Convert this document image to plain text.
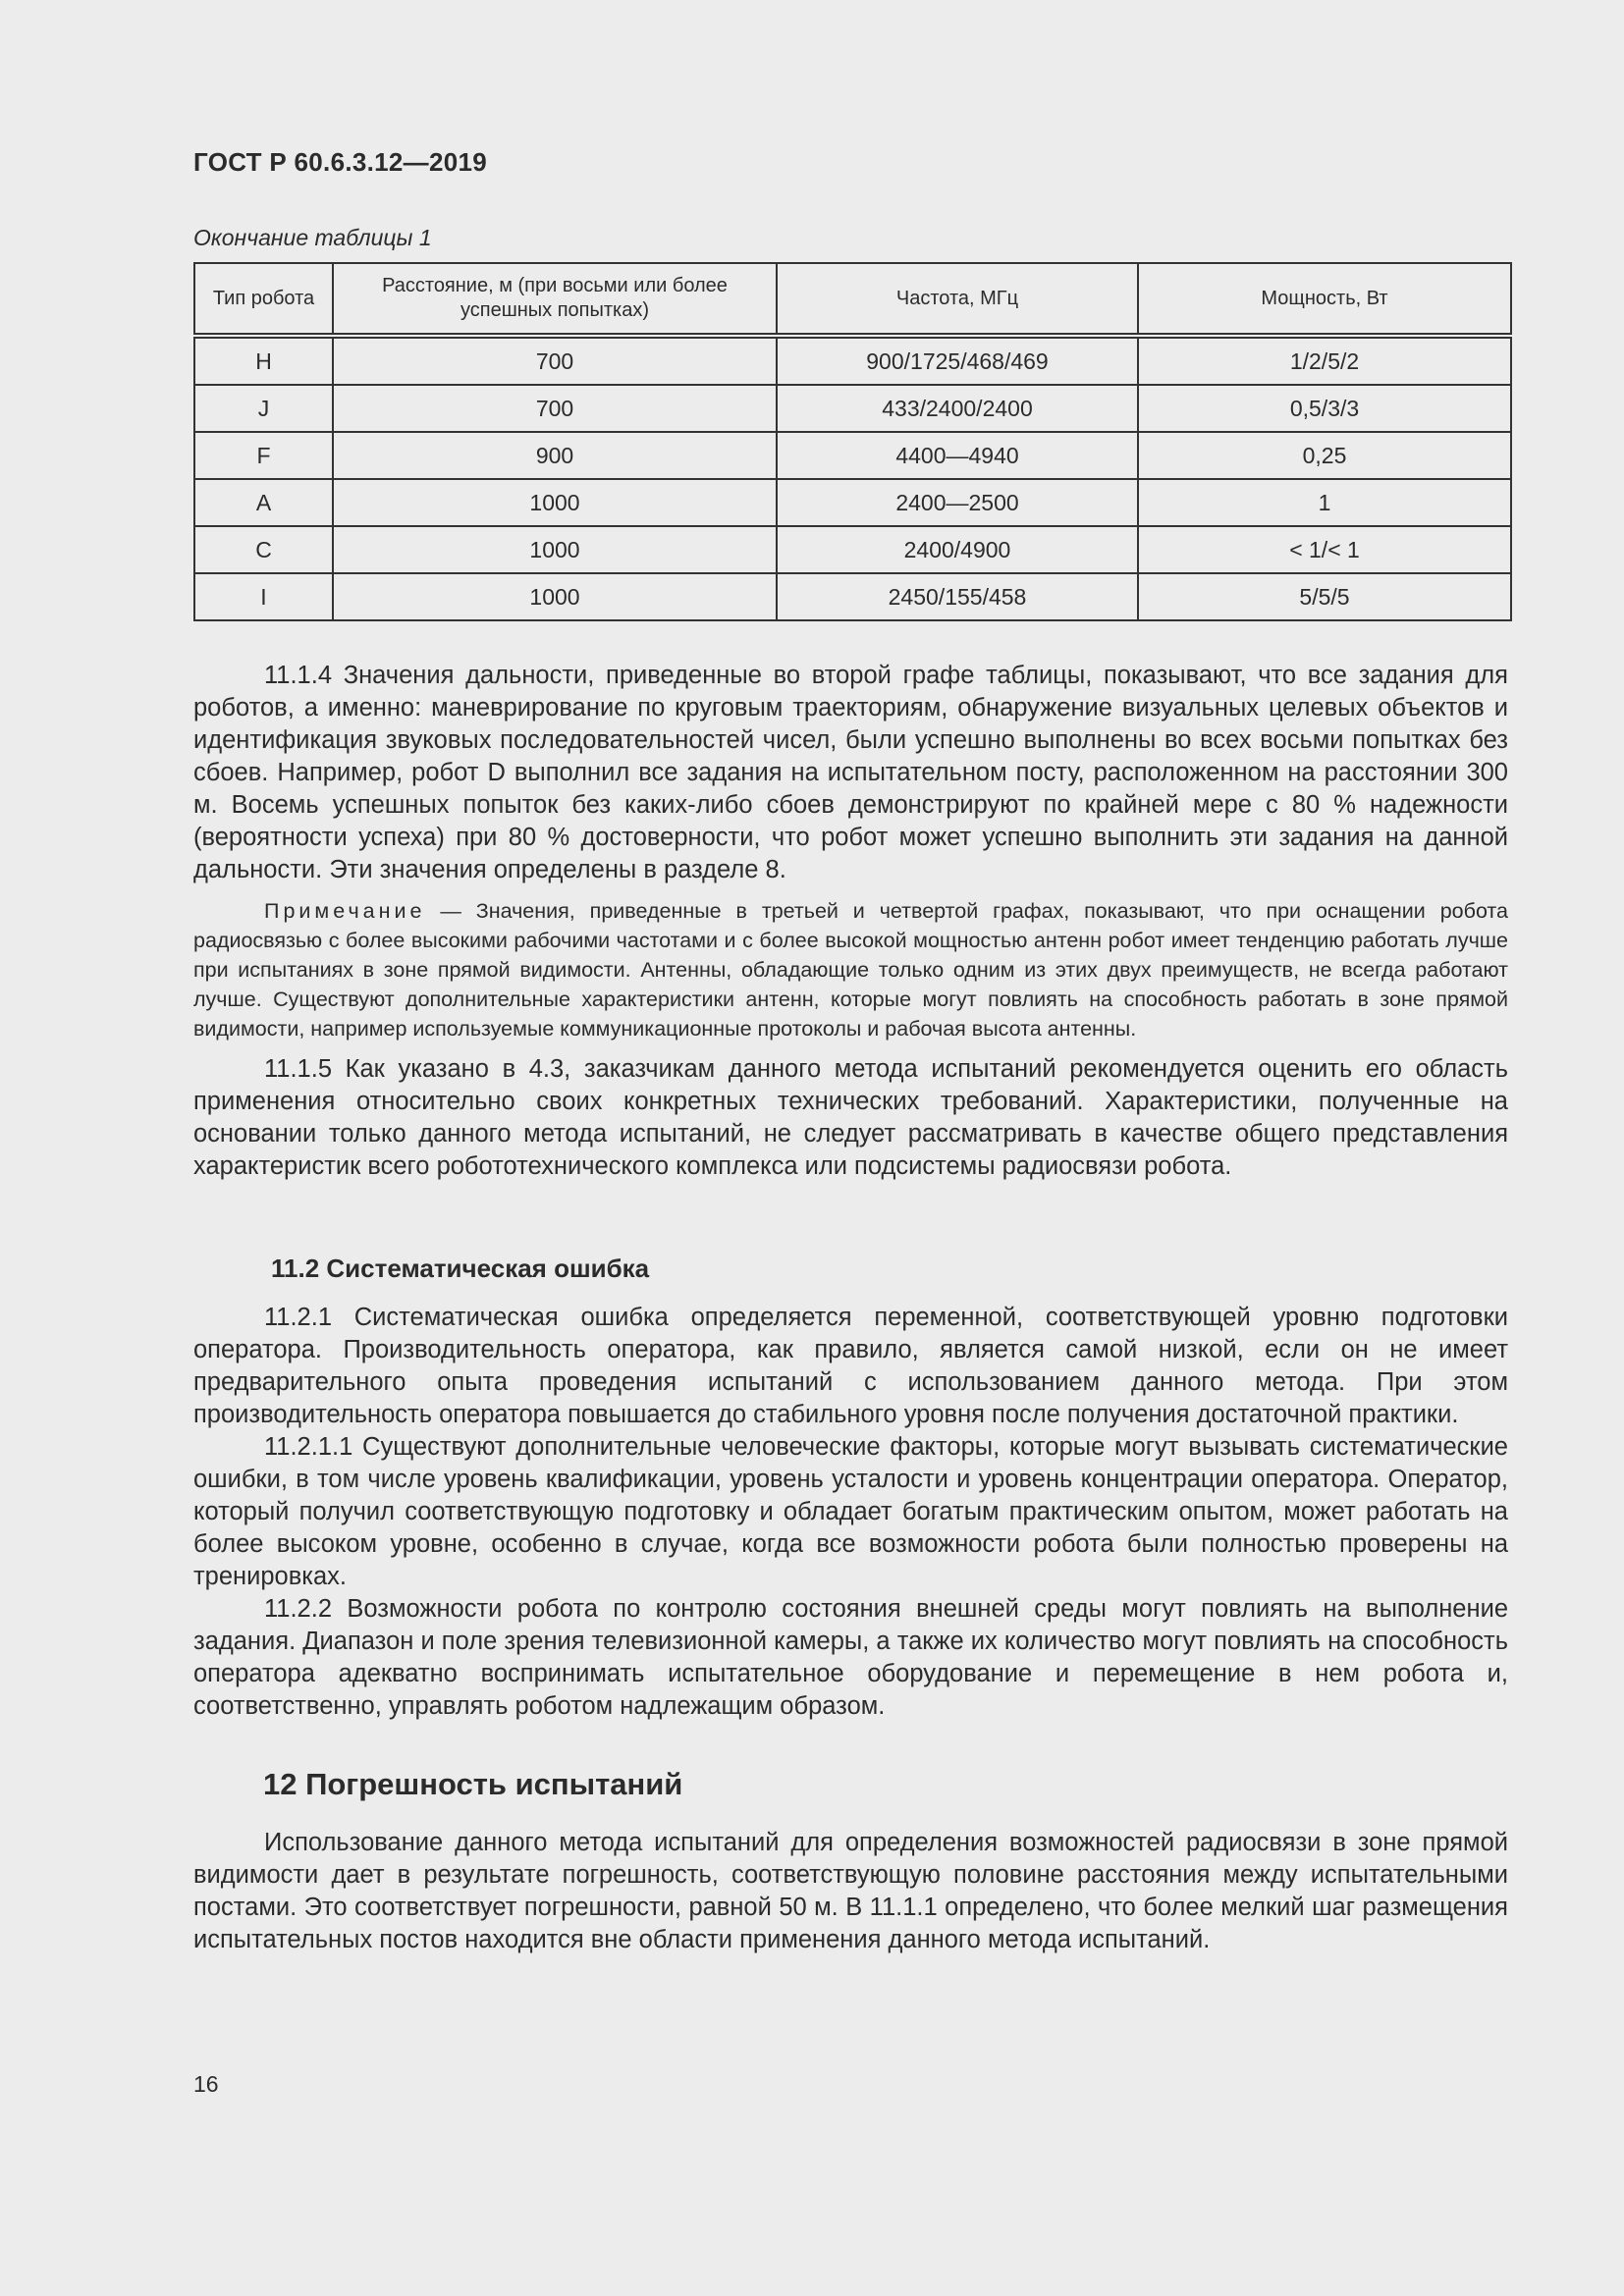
ГОСТ Р 60.6.3.12—2019
Окончание таблицы 1
Тип робота	Расстояние, м (при восьми или более успешных попытках)	Частота, МГц	Мощность, Вт
H	700	900/1725/468/469	1/2/5/2
J	700	433/2400/2400	0,5/3/3
F	900	4400—4940	0,25
A	1000	2400—2500	1
C	1000	2400/4900	< 1/< 1
I	1000	2450/155/458	5/5/5

11.1.4 Значения дальности, приведенные во второй графе таблицы, показывают, что все задания для роботов, а именно: маневрирование по круговым траекториям, обнаружение визуальных целевых объектов и идентификация звуковых последовательностей чисел, были успешно выполнены во всех восьми попытках без сбоев. Например, робот D выполнил все задания на испытательном посту, расположенном на расстоянии 300 м. Восемь успешных попыток без каких-либо сбоев демонстрируют по крайней мере с 80 % надежности (вероятности успеха) при 80 % достоверности, что робот может успешно выполнить эти задания на данной дальности. Эти значения определены в разделе 8.

Примечание — Значения, приведенные в третьей и четвертой графах, показывают, что при оснащении робота радиосвязью с более высокими рабочими частотами и с более высокой мощностью антенн робот имеет тенденцию работать лучше при испытаниях в зоне прямой видимости. Антенны, обладающие только одним из этих двух преимуществ, не всегда работают лучше. Существуют дополнительные характеристики антенн, которые могут повлиять на способность работать в зоне прямой видимости, например используемые коммуникационные протоколы и рабочая высота антенны.

11.1.5 Как указано в 4.3, заказчикам данного метода испытаний рекомендуется оценить его область применения относительно своих конкретных технических требований. Характеристики, полученные на основании только данного метода испытаний, не следует рассматривать в качестве общего представления характеристик всего робототехнического комплекса или подсистемы радиосвязи робота.

11.2 Систематическая ошибка

11.2.1 Систематическая ошибка определяется переменной, соответствующей уровню подготовки оператора. Производительность оператора, как правило, является самой низкой, если он не имеет предварительного опыта проведения испытаний с использованием данного метода. При этом производительность оператора повышается до стабильного уровня после получения достаточной практики.

11.2.1.1 Существуют дополнительные человеческие факторы, которые могут вызывать систематические ошибки, в том числе уровень квалификации, уровень усталости и уровень концентрации оператора. Оператор, который получил соответствующую подготовку и обладает богатым практическим опытом, может работать на более высоком уровне, особенно в случае, когда все возможности робота были полностью проверены на тренировках.

11.2.2 Возможности робота по контролю состояния внешней среды могут повлиять на выполнение задания. Диапазон и поле зрения телевизионной камеры, а также их количество могут повлиять на способность оператора адекватно воспринимать испытательное оборудование и перемещение в нем робота и, соответственно, управлять роботом надлежащим образом.

12 Погрешность испытаний

Использование данного метода испытаний для определения возможностей радиосвязи в зоне прямой видимости дает в результате погрешность, соответствующую половине расстояния между испытательными постами. Это соответствует погрешности, равной 50 м. В 11.1.1 определено, что более мелкий шаг размещения испытательных постов находится вне области применения данного метода испытаний.

16
